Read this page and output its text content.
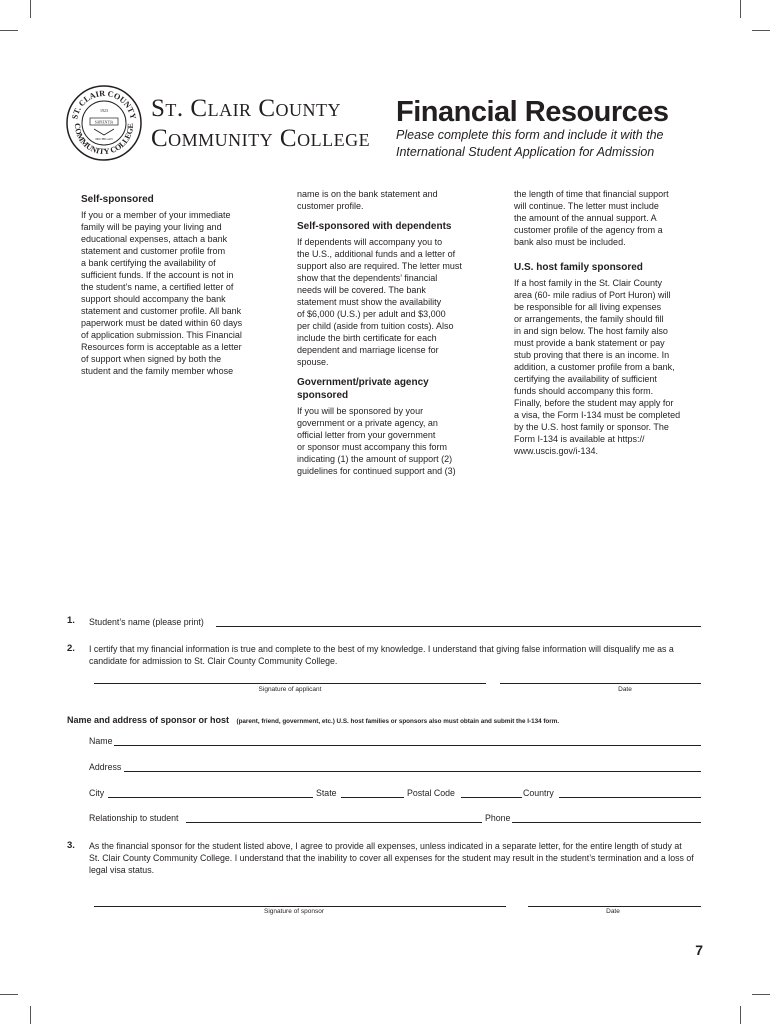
ST. CLAIR COUNTY
COMMUNITY COLLEGE
1923
SAPIENTIA
MICHIGAN
St. Clair County
Community College
Financial Resources
Please complete this form and include it with the International Student Application for Admission
Self-sponsored

If you or a member of your immediate
family will be paying your living and
educational expenses, attach a bank
statement and customer profile from
a bank certifying the availability of
sufficient funds. If the account is not in
the student’s name, a certified letter of
support should accompany the bank
statement and customer profile. All bank
paperwork must be dated within 60 days
of application submission. This Financial
Resources form is acceptable as a letter
of support when signed by both the
student and the family member whose

name is on the bank statement and
customer profile.

Self-sponsored with dependents

If dependents will accompany you to
the U.S., additional funds and a letter of
support also are required. The letter must
show that the dependents’ financial
needs will be covered. The bank
statement must show the availability
of $6,000 (U.S.) per adult and $3,000
per child (aside from tuition costs). Also
include the birth certificate for each
dependent and marriage license for
spouse.

Government/private agency
sponsored

If you will be sponsored by your
government or a private agency, an
official letter from your government
or sponsor must accompany this form
indicating (1) the amount of support (2)
guidelines for continued support and (3)

the length of time that financial support
will continue. The letter must include
the amount of the annual support. A
customer profile of the agency from a
bank also must be included.

U.S. host family sponsored

If a host family in the St. Clair County
area (60- mile radius of Port Huron) will
be responsible for all living expenses
or arrangements, the family should fill
in and sign below. The host family also
must provide a bank statement or pay
stub proving that there is an income. In
addition, a customer profile from a bank,
certifying the availability of sufficient
funds should accompany this form.
Finally, before the student may apply for
a visa, the Form I-134 must be completed
by the U.S. host family or sponsor. The
Form I-134 is available at https://
www.uscis.gov/i-134.

1. Student’s name (please print)
2. I certify that my financial information is true and complete to the best of my knowledge. I understand that giving false information will disqualify me as a candidate for admission to St. Clair County Community College.
Signature of applicant	Date
Name and address of sponsor or host (parent, friend, government, etc.) U.S. host families or sponsors also must obtain and submit the I-134 form.
Name
Address
City	State	Postal Code	Country
Relationship to student	Phone
3. As the financial sponsor for the student listed above, I agree to provide all expenses, unless indicated in a separate letter, for the entire length of study at St. Clair County Community College. I understand that the inability to cover all expenses for the student may result in the student’s termination and a loss of legal visa status.
Signature of sponsor	Date
7
